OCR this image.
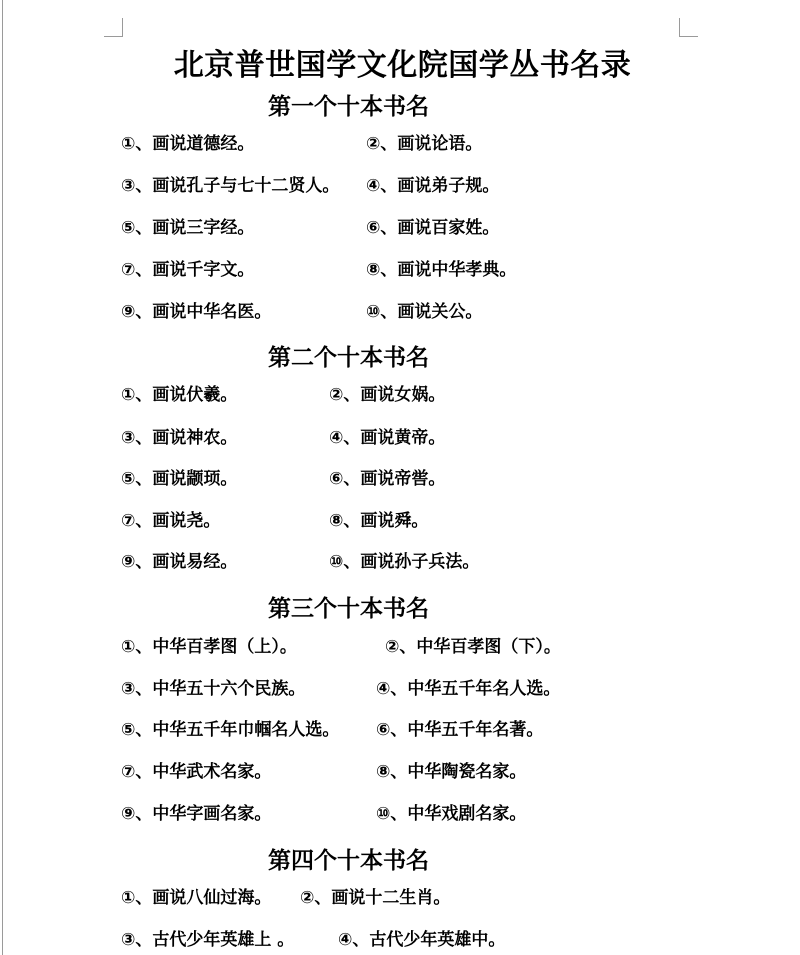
北京普世国学文化院国学丛书名录
第一个十本书名
①、画说道德经。	②、画说论语。
③、画说孔子与七十二贤人。 ④、画说弟子规。
⑤、画说三字经。	⑥、画说百家姓。
⑦、画说千字文。	⑧、画说中华孝典。
⑨、画说中华名医。	⑩、画说关公。
第二个十本书名
①、画说伏羲。	②、画说女娲。
③、画说神农。	④、画说黄帝。
⑤、画说颛顼。	⑥、画说帝喾。
⑦、画说尧。	⑧、画说舜。
⑨、画说易经。	⑩、画说孙子兵法。
第三个十本书名
①、中华百孝图（上）。	②、中华百孝图（下）。
③、中华五十六个民族。	④、中华五千年名人选。
⑤、中华五千年巾帼名人选。 ⑥、中华五千年名著。
⑦、中华武术名家。	⑧、中华陶瓷名家。
⑨、中华字画名家。	⑩、中华戏剧名家。
第四个十本书名
①、画说八仙过海。 ②、画说十二生肖。
③、古代少年英雄上 。	④、古代少年英雄中。
